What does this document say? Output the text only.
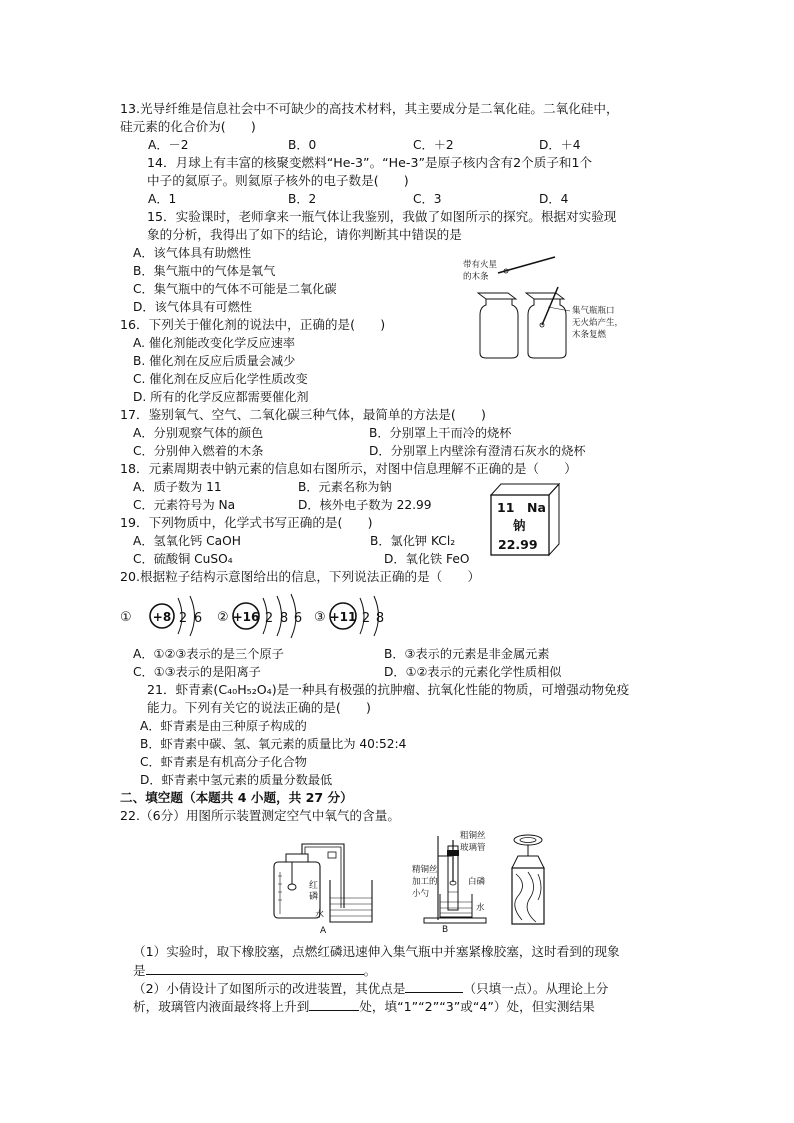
13.光导纤维是信息社会中不可缺少的高技术材料，其主要成分是二氧化硅。二氧化硅中，
硅元素的化合价为(　　)
A．－2	B．0	C．＋2	D．＋4
14．月球上有丰富的核聚变燃料“He-3”。“He-3”是原子核内含有2个质子和1个
中子的氦原子。则氦原子核外的电子数是(　　)
A．1	B．2	C．3	D．4
15．实验课时，老师拿来一瓶气体让我鉴别，我做了如图所示的探究。根据对实验现
象的分析，我得出了如下的结论，请你判断其中错误的是
A．该气体具有助燃性
B．集气瓶中的气体是氧气
C．集气瓶中的气体不可能是二氧化碳
D．该气体具有可燃性
带有火星
的木条
集气瓶瓶口
无火焰产生，
木条复燃
16．下列关于催化剂的说法中，正确的是(　　)
A. 催化剂能改变化学反应速率
B. 催化剂在反应后质量会减少
C. 催化剂在反应后化学性质改变
D. 所有的化学反应都需要催化剂
17．鉴别氧气、空气、二氧化碳三种气体，最简单的方法是(　　)
A．分别观察气体的颜色	B．分别罩上干而冷的烧杯
C．分别伸入燃着的木条	D．分别罩上内壁涂有澄清石灰水的烧杯
18．元素周期表中钠元素的信息如右图所示，对图中信息理解不正确的是（　　）
A．质子数为 11	B．元素名称为钠
C．元素符号为 Na	D．核外电子数为 22.99	11 Na
钠
22.99
19．下列物质中，化学式书写正确的是(　　)
A．氢氧化钙 CaOH	B．氯化钾 KCl₂
C．硫酸铜 CuSO₄	D．氧化铁 FeO
20.根据粒子结构示意图给出的信息，下列说法正确的是（　　）
① +8 2 6 ② +16 2 8 6 ③ +11 2 8
A．①②③表示的是三个原子	B．③表示的元素是非金属元素
C．①③表示的是阳离子	D．①②表示的元素化学性质相似
21．虾青素(C₄₀H₅₂O₄)是一种具有极强的抗肿瘤、抗氧化性能的物质，可增强动物免疫
能力。下列有关它的说法正确的是(　　)
A．虾青素是由三种原子构成的
B．虾青素中碳、氢、氧元素的质量比为 40:52:4
C．虾青素是有机高分子化合物
D．虾青素中氢元素的质量分数最低
二、填空题（本题共 4 小题，共 27 分）
22.（6分）用图所示装置测定空气中氧气的含量。
红
磷
水
A
粗铜丝
玻璃管
精铜丝
加工的
小勺
白磷
水
B
（1）实验时，取下橡胶塞，点燃红磷迅速伸入集气瓶中并塞紧橡胶塞，这时看到的现象
是	。
（2）小倩设计了如图所示的改进装置，其优点是	（只填一点）。从理论上分
析，玻璃管内液面最终将上升到	处，填“1”“2”“3”或“4”）处，但实测结果
